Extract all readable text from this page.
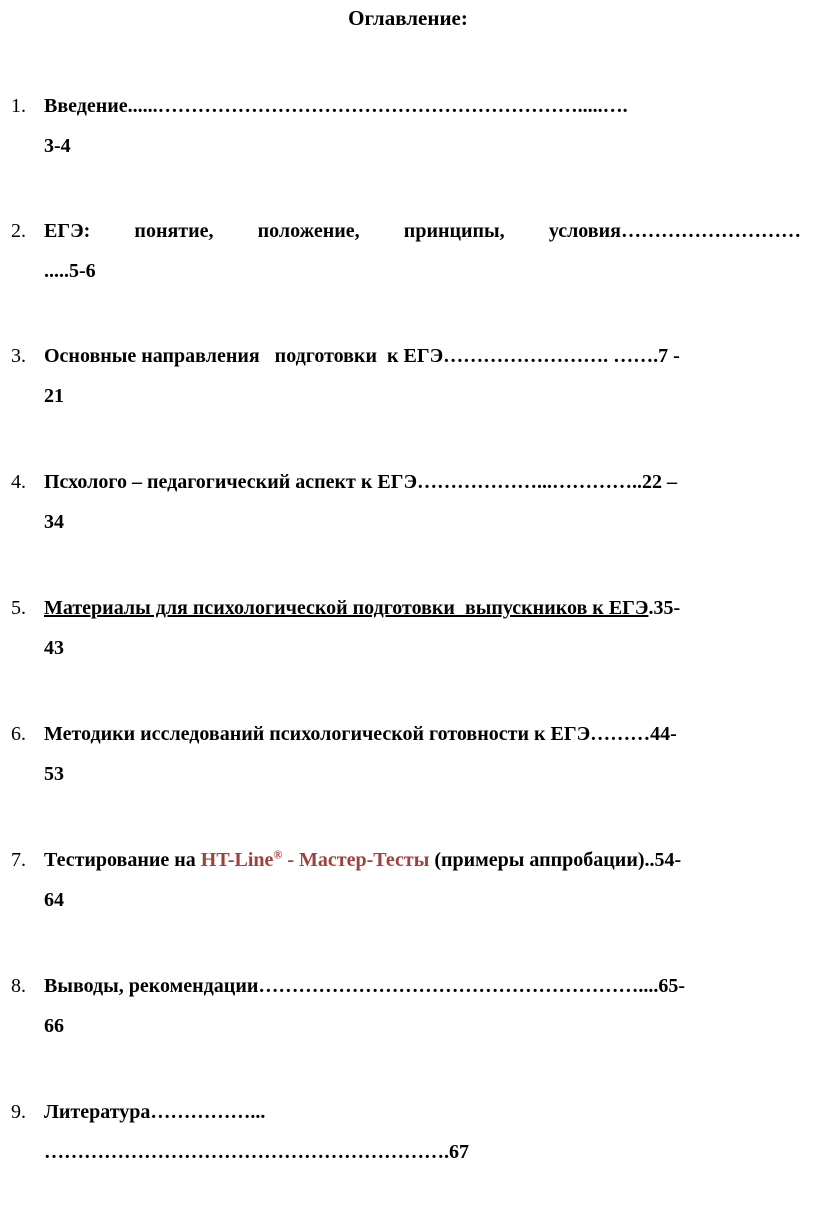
Оглавление:
1. Введение......……………………………………………………….....….
3-4
2. ЕГЭ: понятие, положение, принципы, условия………………………
.....5-6
3. Основные направления   подготовки  к ЕГЭ……………………. …….7 -
21
4. Псхолого – педагогический аспект к ЕГЭ………………...…………..22 –
34
5. Материалы для психологической подготовки  выпускников к ЕГЭ.35-
43
6. Методики исследований психологической готовности к ЕГЭ………44-
53
7. Тестирование на HT-Line® - Мастер-Тесты (примеры аппробации)..54-
64
8. Выводы, рекомендации…………………………………………………....65-
66
9. Литература……………...
…………………………………………………….67
